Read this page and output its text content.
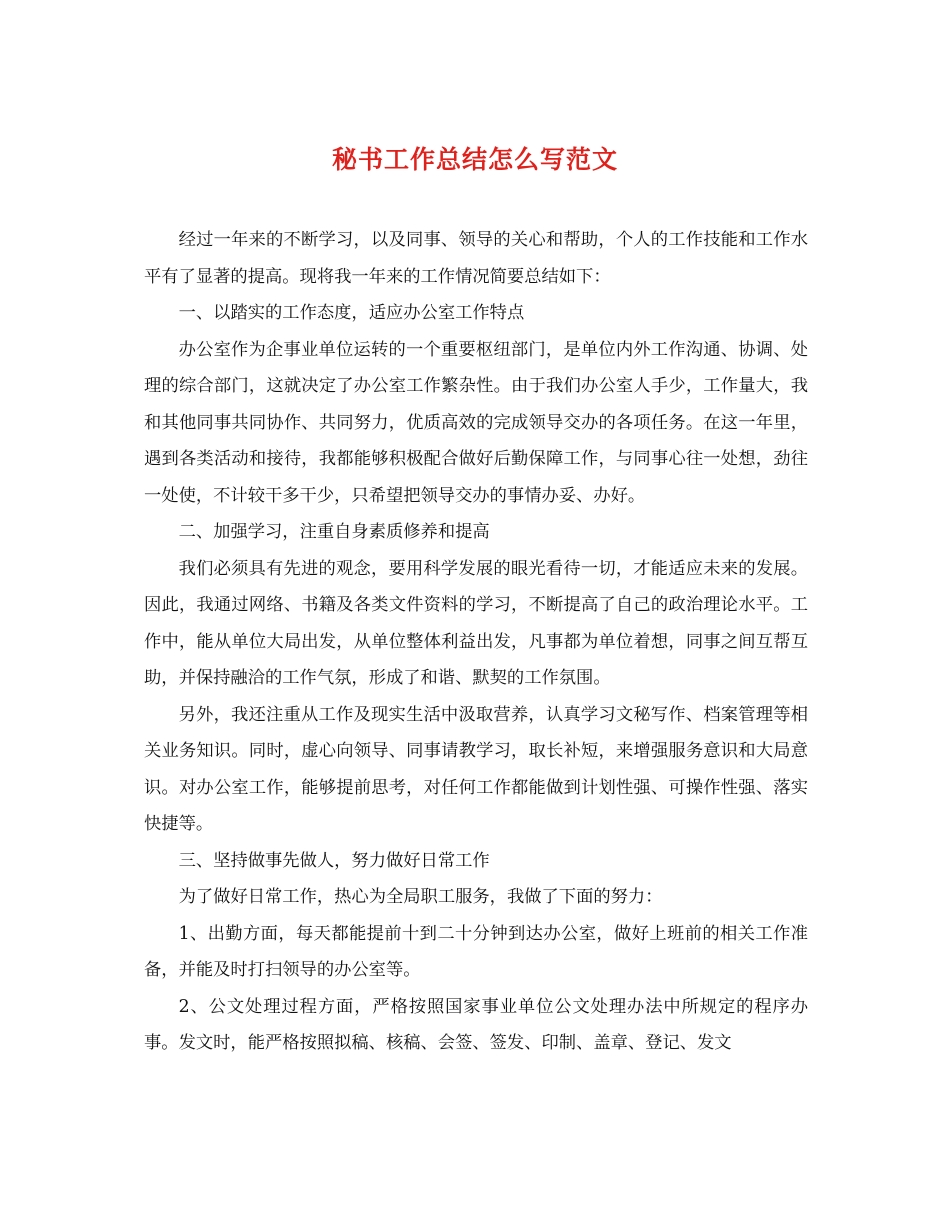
秘书工作总结怎么写范文

经过一年来的不断学习，以及同事、领导的关心和帮助，个人的工作技能和工作水平有了显著的提高。现将我一年来的工作情况简要总结如下：

一、以踏实的工作态度，适应办公室工作特点

办公室作为企事业单位运转的一个重要枢纽部门，是单位内外工作沟通、协调、处理的综合部门，这就决定了办公室工作繁杂性。由于我们办公室人手少，工作量大，我和其他同事共同协作、共同努力，优质高效的完成领导交办的各项任务。在这一年里，遇到各类活动和接待，我都能够积极配合做好后勤保障工作，与同事心往一处想，劲往一处使，不计较干多干少，只希望把领导交办的事情办妥、办好。

二、加强学习，注重自身素质修养和提高

我们必须具有先进的观念，要用科学发展的眼光看待一切，才能适应未来的发展。因此，我通过网络、书籍及各类文件资料的学习，不断提高了自己的政治理论水平。工作中，能从单位大局出发，从单位整体利益出发，凡事都为单位着想，同事之间互帮互助，并保持融洽的工作气氛，形成了和谐、默契的工作氛围。

另外，我还注重从工作及现实生活中汲取营养，认真学习文秘写作、档案管理等相关业务知识。同时，虚心向领导、同事请教学习，取长补短，来增强服务意识和大局意识。对办公室工作，能够提前思考，对任何工作都能做到计划性强、可操作性强、落实快捷等。

三、坚持做事先做人，努力做好日常工作

为了做好日常工作，热心为全局职工服务，我做了下面的努力：

1、出勤方面，每天都能提前十到二十分钟到达办公室，做好上班前的相关工作准备，并能及时打扫领导的办公室等。

2、公文处理过程方面，严格按照国家事业单位公文处理办法中所规定的程序办事。发文时，能严格按照拟稿、核稿、会签、签发、印制、盖章、登记、发文
